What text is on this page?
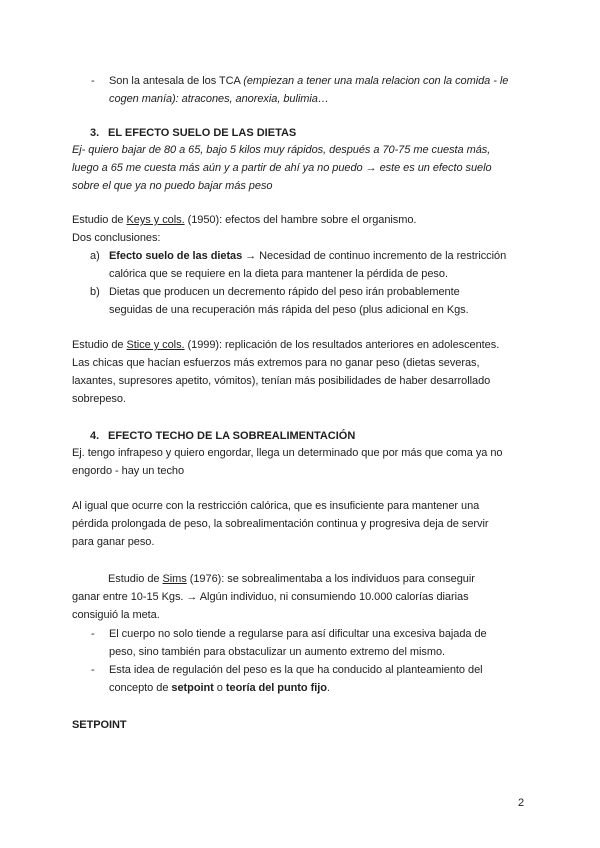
-	Son la antesala de los TCA (empiezan a tener una mala relacion con la comida - le
cogen manía): atracones, anorexia, bulimia…
3. EL EFECTO SUELO DE LAS DIETAS
Ej- quiero bajar de 80 a 65, bajo 5 kilos muy rápidos, después a 70-75 me cuesta más,
luego a 65 me cuesta más aún y a partir de ahí ya no puedo → este es un efecto suelo
sobre el que ya no puedo bajar más peso
Estudio de Keys y cols. (1950): efectos del hambre sobre el organismo.
Dos conclusiones:
a) Efecto suelo de las dietas → Necesidad de continuo incremento de la restricción
calórica que se requiere en la dieta para mantener la pérdida de peso.
b) Dietas que producen un decremento rápido del peso irán probablemente
seguidas de una recuperación más rápida del peso (plus adicional en Kgs.
Estudio de Stice y cols. (1999): replicación de los resultados anteriores en adolescentes.
Las chicas que hacían esfuerzos más extremos para no ganar peso (dietas severas,
laxantes, supresores apetito, vómitos), tenían más posibilidades de haber desarrollado
sobrepeso.
4. EFECTO TECHO DE LA SOBREALIMENTACIÓN
Ej. tengo infrapeso y quiero engordar, llega un determinado que por más que coma ya no
engordo - hay un techo
Al igual que ocurre con la restricción calórica, que es insuficiente para mantener una
pérdida prolongada de peso, la sobrealimentación continua y progresiva deja de servir
para ganar peso.
Estudio de Sims (1976): se sobrealimentaba a los individuos para conseguir
ganar entre 10-15 Kgs. → Algún individuo, ni consumiendo 10.000 calorías diarias
consiguió la meta.
-	El cuerpo no solo tiende a regularse para así dificultar una excesiva bajada de
peso, sino también para obstaculizar un aumento extremo del mismo.
-	Esta idea de regulación del peso es la que ha conducido al planteamiento del
concepto de setpoint o teoría del punto fijo.
SETPOINT
2
